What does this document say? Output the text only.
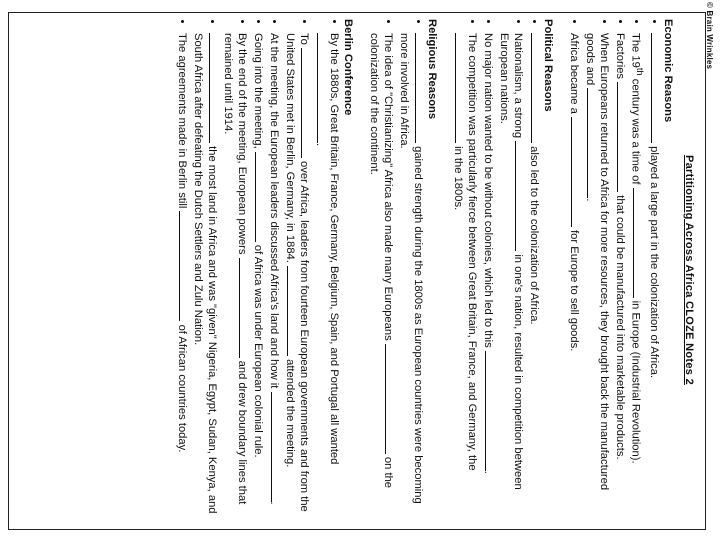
© Brain Wrinkles
Partitioning Across Africa CLOZE Notes 2

Economic Reasons

• played a large part in the colonization of Africa.
• The 19th century was a time of  in Europe (Industrial Revolution).
• Factories  that could be manufactured into marketable products.
• When Europeans returned to Africa for more resources, they brought back the manufactured goods and .
• Africa became a  for Europe to sell goods.

Political Reasons

• also led to the colonization of Africa.
• Nationalism, a strong  in one's nation, resulted in competition between European nations.
• No major nation wanted to be without colonies, which led to this .
• The competition was particularly fierce between Great Britain, France, and Germany, the  in the 1800s.

Religious Reasons

• gained strength during the 1800s as European countries were becoming more involved in Africa.
• The idea of "Christianizing" Africa also made many Europeans  on the colonization of the continent.

Berlin Conference

• By the 1880s, Great Britain, France, Germany, Belgium, Spain, and Portugal all wanted .
• To  over Africa, leaders from fourteen European governments and from the United States met in Berlin, Germany, in 1884.  attended the meeting.
• At the meeting, the European leaders discussed Africa's land and how it .
• Going into the meeting,  of Africa was under European colonial rule.
• By the end of the meeting, European powers  and drew boundary lines that remained until 1914.
• the most land in Africa and was "given" Nigeria, Egypt, Sudan, Kenya, and South Africa after defeating the Dutch Settlers and Zulu Nation.
• The agreements made in Berlin still  of African countries today.
